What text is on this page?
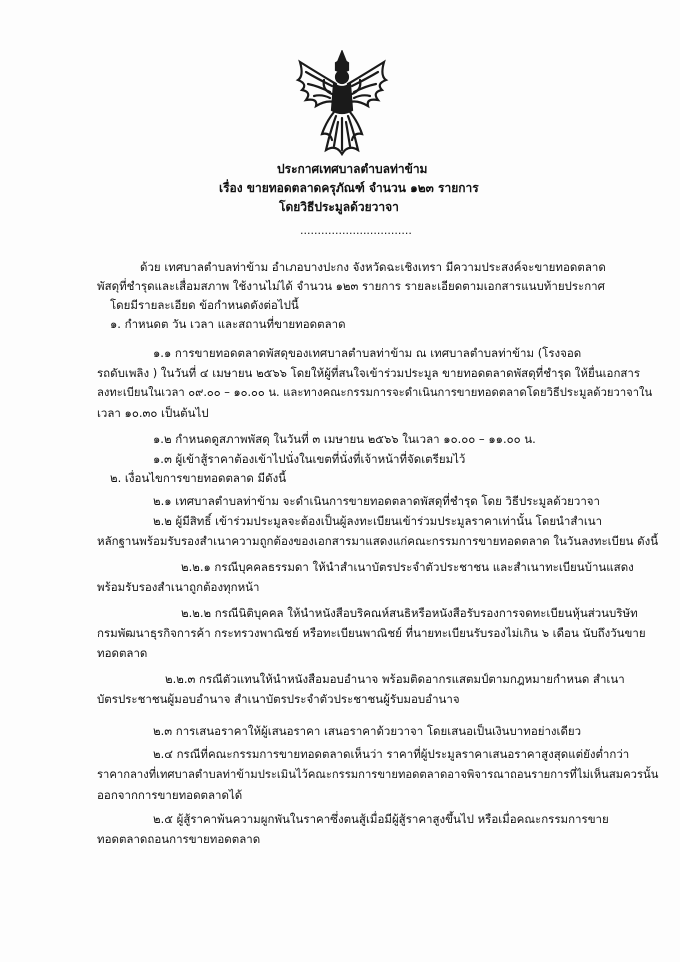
ประกาศเทศบาลตำบลท่าข้าม
เรื่อง ขายทอดตลาดครุภัณฑ์ จำนวน ๑๒๓ รายการ
โดยวิธีประมูลด้วยวาจา
................................
ด้วย เทศบาลตำบลท่าข้าม อำเภอบางปะกง จังหวัดฉะเชิงเทรา มีความประสงค์จะขายทอดตลาด
พัสดุที่ชำรุดและเสื่อมสภาพ ใช้งานไม่ได้ จำนวน ๑๒๓ รายการ รายละเอียดตามเอกสารแนบท้ายประกาศ
โดยมีรายละเอียด ข้อกำหนดดังต่อไปนี้
๑. กำหนดต วัน เวลา และสถานที่ขายทอดตลาด
๑.๑ การขายทอดตลาดพัสดุของเทศบาลตำบลท่าข้าม ณ เทศบาลตำบลท่าข้าม (โรงจอด
รถดับเพลิง ) ในวันที่ ๔ เมษายน ๒๕๖๖ โดยให้ผู้ที่สนใจเข้าร่วมประมูล ขายทอดตลาดพัสดุที่ชำรุด ให้ยื่นเอกสาร
ลงทะเบียนในเวลา ๐๙.๐๐ – ๑๐.๐๐ น. และทางคณะกรรมการจะดำเนินการขายทอดตลาดโดยวิธีประมูลด้วยวาจาใน
เวลา ๑๐.๓๐ เป็นต้นไป
๑.๒ กำหนดดูสภาพพัสดุ ในวันที่ ๓ เมษายน ๒๕๖๖ ในเวลา ๑๐.๐๐ – ๑๑.๐๐ น.
๑.๓ ผู้เข้าสู้ราคาต้องเข้าไปนั่งในเขตที่นั่งที่เจ้าหน้าที่จัดเตรียมไว้
๒. เงื่อนไขการขายทอดตลาด มีดังนี้
๒.๑ เทศบาลตำบลท่าข้าม จะดำเนินการขายทอดตลาดพัสดุที่ชำรุด โดย วิธีประมูลด้วยวาจา
๒.๒ ผู้มีสิทธิ์ เข้าร่วมประมูลจะต้องเป็นผู้ลงทะเบียนเข้าร่วมประมูลราคาเท่านั้น โดยนำสำเนา
หลักฐานพร้อมรับรองสำเนาความถูกต้องของเอกสารมาแสดงแก่คณะกรรมการขายทอดตลาด ในวันลงทะเบียน ดังนี้
๒.๒.๑ กรณีบุคคลธรรมดา ให้นำสำเนาบัตรประจำตัวประชาชน และสำเนาทะเบียนบ้านแสดง
พร้อมรับรองสำเนาถูกต้องทุกหน้า
๒.๒.๒ กรณีนิติบุคคล ให้นำหนังสือบริคณห์สนธิหรือหนังสือรับรองการจดทะเบียนหุ้นส่วนบริษัท
กรมพัฒนาธุรกิจการค้า กระทรวงพาณิชย์ หรือทะเบียนพาณิชย์ ที่นายทะเบียนรับรองไม่เกิน ๖ เดือน นับถึงวันขาย
ทอดตลาด
๒.๒.๓ กรณีตัวแทนให้นำหนังสือมอบอำนาจ พร้อมติดอากรแสตมป์ตามกฎหมายกำหนด สำเนา
บัตรประชาชนผู้มอบอำนาจ สำเนาบัตรประจำตัวประชาชนผู้รับมอบอำนาจ
๒.๓ การเสนอราคาให้ผู้เสนอราคา เสนอราคาด้วยวาจา โดยเสนอเป็นเงินบาทอย่างเดียว
๒.๔ กรณีที่คณะกรรมการขายทอดตลาดเห็นว่า ราคาที่ผู้ประมูลราคาเสนอราคาสูงสุดแต่ยังต่ำกว่า
ราคากลางที่เทศบาลตำบลท่าข้ามประเมินไว้คณะกรรมการขายทอดตลาดอาจพิจารณาถอนรายการที่ไม่เห็นสมควรนั้น
ออกจากการขายทอดตลาดได้
๒.๕ ผู้สู้ราคาพ้นความผูกพันในราคาซึ่งตนสู้เมื่อมีผู้สู้ราคาสูงขึ้นไป หรือเมื่อคณะกรรมการขาย
ทอดตลาดถอนการขายทอดตลาด
